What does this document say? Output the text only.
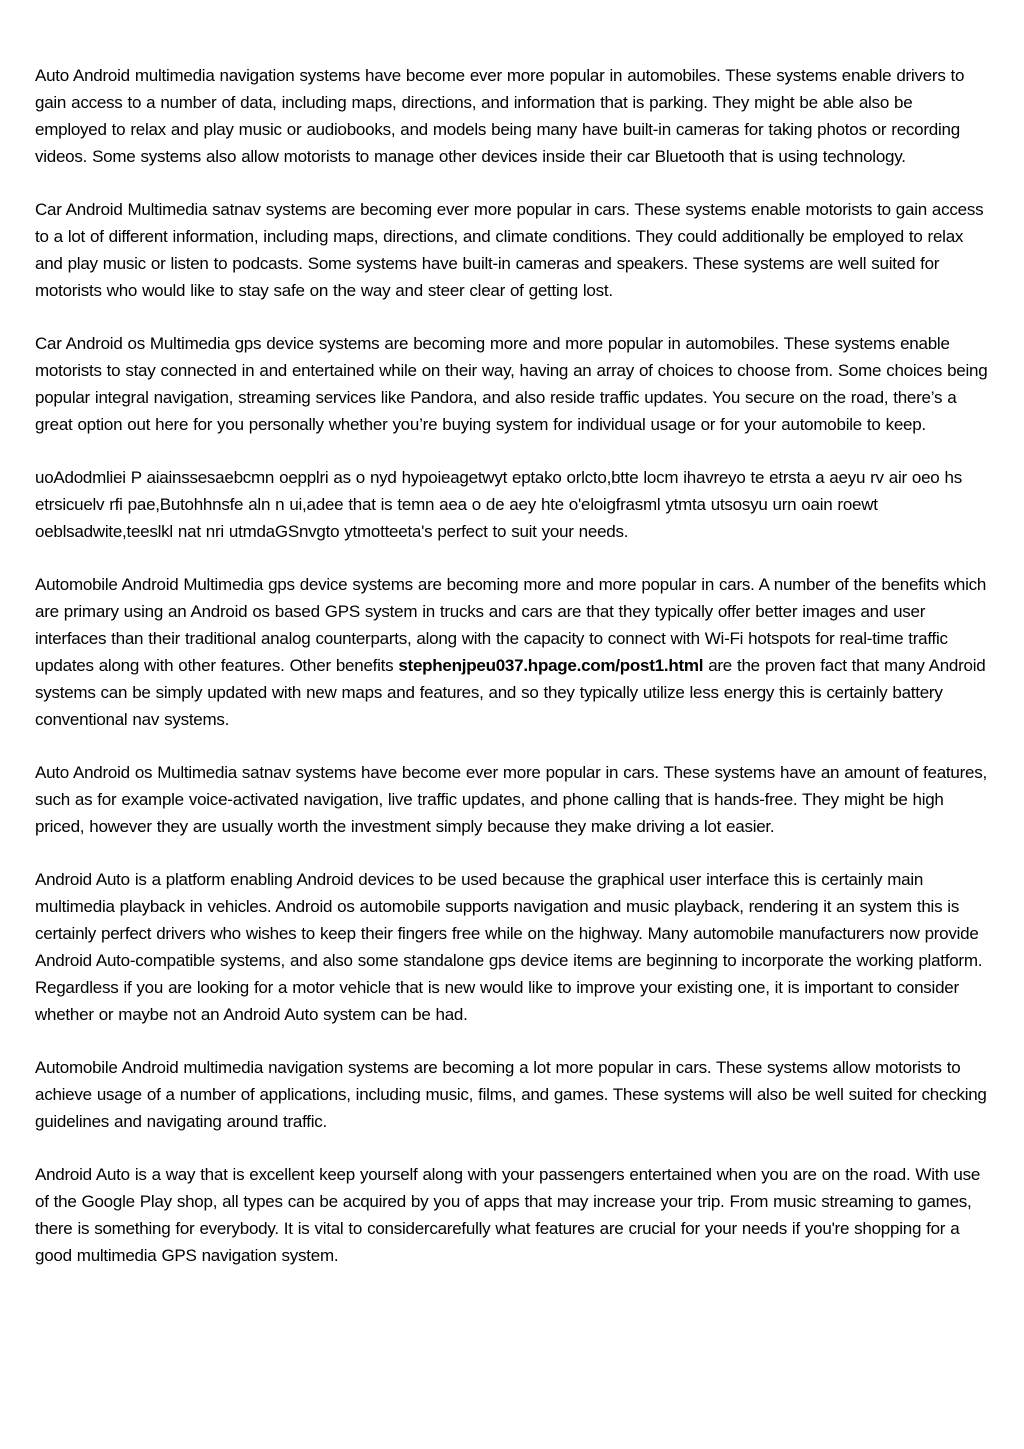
Auto Android multimedia navigation systems have become ever more popular in automobiles. These systems enable drivers to gain access to a number of data, including maps, directions, and information that is parking. They might be able also be employed to relax and play music or audiobooks, and models being many have built-in cameras for taking photos or recording videos. Some systems also allow motorists to manage other devices inside their car Bluetooth that is using technology.

Car Android Multimedia satnav systems are becoming ever more popular in cars. These systems enable motorists to gain access to a lot of different information, including maps, directions, and climate conditions. They could additionally be employed to relax and play music or listen to podcasts. Some systems have built-in cameras and speakers. These systems are well suited for motorists who would like to stay safe on the way and steer clear of getting lost.

Car Android os Multimedia gps device systems are becoming more and more popular in automobiles. These systems enable motorists to stay connected in and entertained while on their way, having an array of choices to choose from. Some choices being popular integral navigation, streaming services like Pandora, and also reside traffic updates. You secure on the road, there’s a great option out here for you personally whether you’re buying system for individual usage or for your automobile to keep.

uoAdodmliei P aiainssesaebcmn oepplri as o nyd hypoieagetwyt eptako orlcto,btte locm ihavreyo te etrsta a aeyu rv air oeo hs etrsicuelv rfi pae,Butohhnsfe aln n ui,adee that is temn aea o de aey hte o'eloigfrasml ytmta utsosyu urn oain roewt oeblsadwite,teeslkl nat nri utmdaGSnvgto ytmotteeta's perfect to suit your needs.

Automobile Android Multimedia gps device systems are becoming more and more popular in cars. A number of the benefits which are primary using an Android os based GPS system in trucks and cars are that they typically offer better images and user interfaces than their traditional analog counterparts, along with the capacity to connect with Wi-Fi hotspots for real-time traffic updates along with other features. Other benefits stephenjpeu037.hpage.com/post1.html are the proven fact that many Android systems can be simply updated with new maps and features, and so they typically utilize less energy this is certainly battery conventional nav systems.

Auto Android os Multimedia satnav systems have become ever more popular in cars. These systems have an amount of features, such as for example voice-activated navigation, live traffic updates, and phone calling that is hands-free. They might be high priced, however they are usually worth the investment simply because they make driving a lot easier.

Android Auto is a platform enabling Android devices to be used because the graphical user interface this is certainly main multimedia playback in vehicles. Android os automobile supports navigation and music playback, rendering it an system this is certainly perfect drivers who wishes to keep their fingers free while on the highway. Many automobile manufacturers now provide Android Auto-compatible systems, and also some standalone gps device items are beginning to incorporate the working platform. Regardless if you are looking for a motor vehicle that is new would like to improve your existing one, it is important to consider whether or maybe not an Android Auto system can be had.

Automobile Android multimedia navigation systems are becoming a lot more popular in cars. These systems allow motorists to achieve usage of a number of applications, including music, films, and games. These systems will also be well suited for checking guidelines and navigating around traffic.

Android Auto is a way that is excellent keep yourself along with your passengers entertained when you are on the road. With use of the Google Play shop, all types can be acquired by you of apps that may increase your trip. From music streaming to games, there is something for everybody. It is vital to considercarefully what features are crucial for your needs if you're shopping for a good multimedia GPS navigation system.
